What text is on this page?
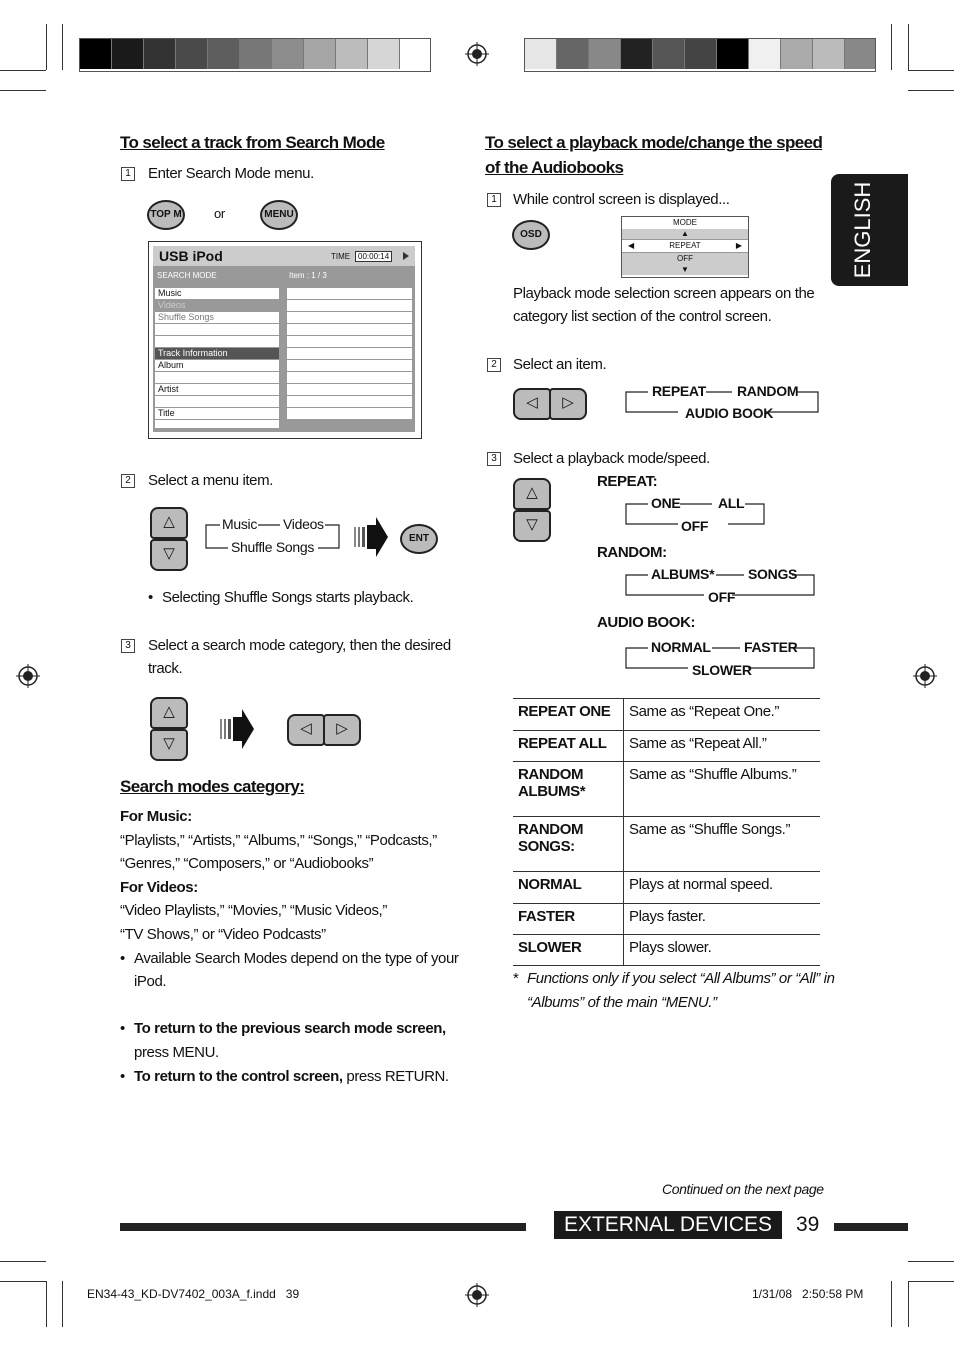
ENGLISH
To select a track from Search Mode
1 Enter Search Mode menu.
TOP M or	MENU
USB iPod	TIME 00:00:14
SEARCH MODE	Item : 1 / 3
Music
Videos
Shuffle Songs
Track Information
Album
Artist
Title
2 Select a menu item.
△
▽
Music Videos
Shuffle Songs
ENT
• Selecting Shuffle Songs starts playback.
3 Select a search mode category, then the desired
track.
△
▽
◁	▷
Search modes category:
For Music:
“Playlists,” “Artists,” “Albums,” “Songs,” “Podcasts,”
“Genres,” “Composers,” or “Audiobooks”
For Videos:
“Video Playlists,” “Movies,” “Music Videos,”
“TV Shows,” or “Video Podcasts”
• Available Search Modes depend on the type of your
iPod.
• To return to the previous search mode screen,
press MENU.
• To return to the control screen, press RETURN.
To select a playback mode/change the speed
of the Audiobooks
1 While control screen is displayed...
OSD
MODE
▲
◀	REPEAT	▶
OFF
▼
Playback mode selection screen appears on the
category list section of the control screen.
2 Select an item.
◁	▷
REPEAT RANDOM
AUDIO BOOK
3 Select a playback mode/speed.
△
▽
REPEAT:
ONE	ALL
OFF
RANDOM:
ALBUMS* SONGS
OFF
AUDIO BOOK:
NORMAL FASTER
SLOWER
REPEAT ONE	Same as “Repeat One.”
REPEAT ALL	Same as “Repeat All.”
RANDOM ALBUMS*	Same as “Shuffle Albums.”
RANDOM SONGS:	Same as “Shuffle Songs.”
NORMAL	Plays at normal speed.
FASTER	Plays faster.
SLOWER	Plays slower.
* Functions only if you select “All Albums” or “All” in
“Albums” of the main “MENU.”
Continued on the next page
EXTERNAL DEVICES	39
EN34-43_KD-DV7402_003A_f.indd   39	1/31/08   2:50:58 PM
